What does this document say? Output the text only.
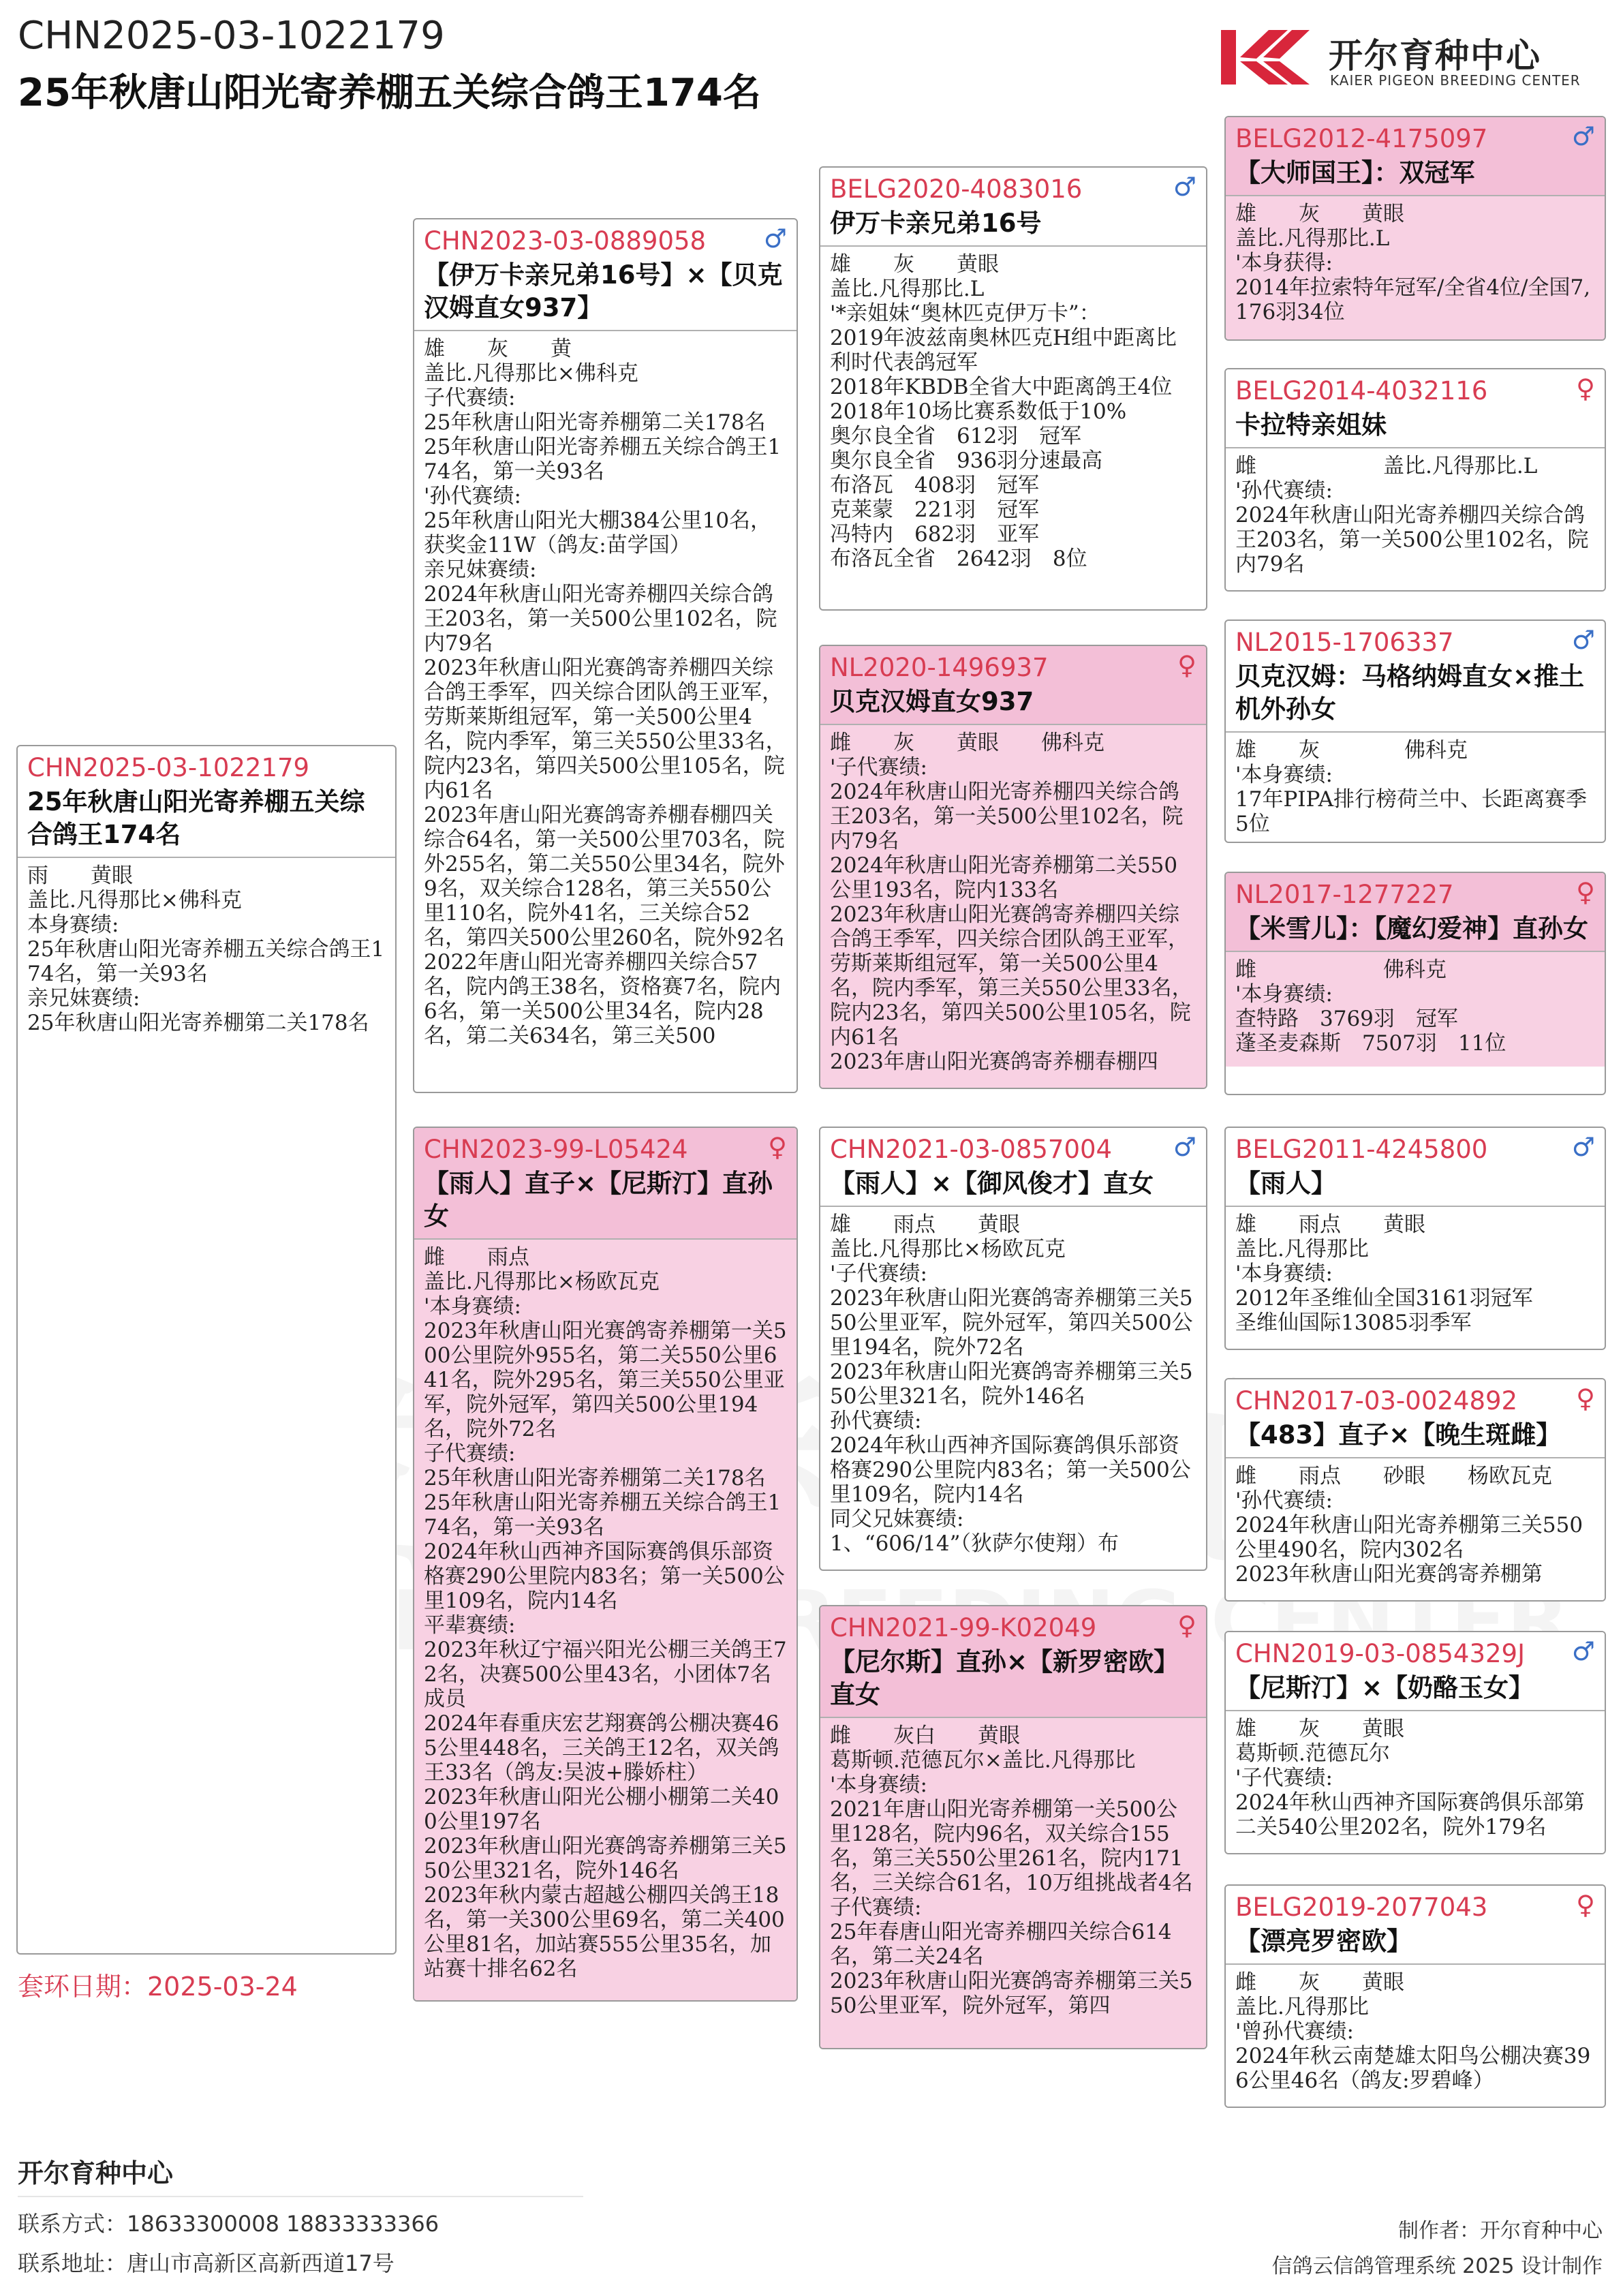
CHN2025-03-1022179
25年秋唐山阳光寄养棚五关综合鸽王174名
开尔育种中心
KAIER PIGEON BREEDING CENTER
CHN2025-03-1022179
25年秋唐山阳光寄养棚五关综合鸽王174名
雨　　黄眼
盖比.凡得那比×佛科克
本身赛绩:
25年秋唐山阳光寄养棚五关综合鸽王174名，第一关93名
亲兄妹赛绩:
25年秋唐山阳光寄养棚第二关178名
CHN2023-03-0889058	♂
【伊万卡亲兄弟16号】×【贝克汉姆直女937】
雄　　灰　　黄
盖比.凡得那比×佛科克
子代赛绩:
25年秋唐山阳光寄养棚第二关178名
25年秋唐山阳光寄养棚五关综合鸽王174名，第一关93名
'孙代赛绩:
25年秋唐山阳光大棚384公里10名，获奖金11W（鸽友:苗学国）
亲兄妹赛绩:
2024年秋唐山阳光寄养棚四关综合鸽王203名，第一关500公里102名，院内79名
2023年秋唐山阳光赛鸽寄养棚四关综合鸽王季军，四关综合团队鸽王亚军，劳斯莱斯组冠军，第一关500公里4名，院内季军，第三关550公里33名，院内23名，第四关500公里105名，院内61名
2023年唐山阳光赛鸽寄养棚春棚四关综合64名，第一关500公里703名，院外255名，第二关550公里34名，院外9名，双关综合128名，第三关550公里110名，院外41名，三关综合52名，第四关500公里260名，院外92名
2022年唐山阳光寄养棚四关综合57名，院内鸽王38名，资格赛7名，院内6名，第一关500公里34名，院内28名，第二关634名，第三关500
CHN2023-99-L05424	♀
【雨人】直子×【尼斯汀】直孙女
雌　　雨点
盖比.凡得那比×杨欧瓦克
'本身赛绩:
2023年秋唐山阳光赛鸽寄养棚第一关500公里院外955名，第二关550公里641名，院外295名，第三关550公里亚军，院外冠军，第四关500公里194名，院外72名
子代赛绩:
25年秋唐山阳光寄养棚第二关178名
25年秋唐山阳光寄养棚五关综合鸽王174名，第一关93名
2024年秋山西神齐国际赛鸽俱乐部资格赛290公里院内83名；第一关500公里109名，院内14名
平辈赛绩:
2023年秋辽宁福兴阳光公棚三关鸽王72名，决赛500公里43名，小团体7名成员
2024年春重庆宏艺翔赛鸽公棚决赛465公里448名，三关鸽王12名，双关鸽王33名（鸽友:吴波+滕娇柱）
2023年秋唐山阳光公棚小棚第二关400公里197名
2023年秋唐山阳光赛鸽寄养棚第三关550公里321名，院外146名
2023年秋内蒙古超越公棚四关鸽王18名，第一关300公里69名，第二关400公里81名，加站赛555公里35名，加站赛十排名62名
BELG2020-4083016	♂
伊万卡亲兄弟16号
雄　　灰　　黄眼
盖比.凡得那比.L
'*亲姐妹“奥林匹克伊万卡”：
2019年波兹南奥林匹克H组中距离比
利时代表鸽冠军
2018年KBDB全省大中距离鸽王4位
2018年10场比赛系数低于10%
奥尔良全省　612羽　冠军
奥尔良全省　936羽分速最高
布洛瓦　408羽　冠军
克莱蒙　221羽　冠军
冯特内　682羽　亚军
布洛瓦全省　2642羽　8位
NL2020-1496937	♀
贝克汉姆直女937
雌　　灰　　黄眼　　佛科克
'子代赛绩:
2024年秋唐山阳光寄养棚四关综合鸽王203名，第一关500公里102名，院内79名
2024年秋唐山阳光寄养棚第二关550公里193名，院内133名
2023年秋唐山阳光赛鸽寄养棚四关综合鸽王季军，四关综合团队鸽王亚军，劳斯莱斯组冠军，第一关500公里4名，院内季军，第三关550公里33名，院内23名，第四关500公里105名，院内61名
2023年唐山阳光赛鸽寄养棚春棚四
CHN2021-03-0857004	♂
【雨人】×【御风俊才】直女
雄　　雨点　　黄眼
盖比.凡得那比×杨欧瓦克
'子代赛绩:
2023年秋唐山阳光赛鸽寄养棚第三关550公里亚军，院外冠军，第四关500公里194名，院外72名
2023年秋唐山阳光赛鸽寄养棚第三关550公里321名，院外146名
孙代赛绩:
2024年秋山西神齐国际赛鸽俱乐部资格赛290公里院内83名；第一关500公里109名，院内14名
同父兄妹赛绩:
1、“606/14”（狄萨尔使翔）布
CHN2021-99-K02049	♀
【尼尔斯】直孙×【新罗密欧】直女
雌　　灰白　　黄眼
葛斯顿.范德瓦尔×盖比.凡得那比
'本身赛绩:
2021年唐山阳光寄养棚第一关500公里128名，院内96名，双关综合155名，第三关550公里261名，院内171名，三关综合61名，10万组挑战者4名
子代赛绩:
25年春唐山阳光寄养棚四关综合614名，第二关24名
2023年秋唐山阳光赛鸽寄养棚第三关550公里亚军，院外冠军，第四
BELG2012-4175097	♂
【大师国王】：双冠军
雄　　灰　　黄眼
盖比.凡得那比.L
'本身获得:
2014年拉索特年冠军/全省4位/全国7,176羽34位
BELG2014-4032116	♀
卡拉特亲姐妹
雌　　　　　　盖比.凡得那比.L
'孙代赛绩:
2024年秋唐山阳光寄养棚四关综合鸽王203名，第一关500公里102名，院内79名
NL2015-1706337	♂
贝克汉姆：马格纳姆直女×推土机外孙女
雄　　灰　　　　佛科克
'本身赛绩:
17年PIPA排行榜荷兰中、长距离赛季5位
NL2017-1277227	♀
【米雪儿】：【魔幻爱神】直孙女
雌　　　　　　佛科克
'本身赛绩:
查特路　3769羽　冠军
蓬圣麦森斯　7507羽　11位
BELG2011-4245800	♂
【雨人】
雄　　雨点　　黄眼
盖比.凡得那比
'本身赛绩:
2012年圣维仙全国3161羽冠军
圣维仙国际13085羽季军
CHN2017-03-0024892	♀
【483】直子×【晚生斑雌】
雌　　雨点　　砂眼　　杨欧瓦克
'孙代赛绩:
2024年秋唐山阳光寄养棚第三关550公里490名，院内302名
2023年秋唐山阳光赛鸽寄养棚第
CHN2019-03-0854329J	♂
【尼斯汀】×【奶酪玉女】
雄　　灰　　黄眼
葛斯顿.范德瓦尔
'子代赛绩:
2024年秋山西神齐国际赛鸽俱乐部第二关540公里202名，院外179名
BELG2019-2077043	♀
【漂亮罗密欧】
雌　　灰　　黄眼
盖比.凡得那比
'曾孙代赛绩:
2024年秋云南楚雄太阳鸟公棚决赛396公里46名（鸽友:罗碧峰）
套环日期：2025-03-24
开尔育种中心
联系方式：18633300008 18833333366
联系地址：唐山市高新区高新西道17号
制作者：开尔育种中心
信鸽云信鸽管理系统 2025 设计制作
